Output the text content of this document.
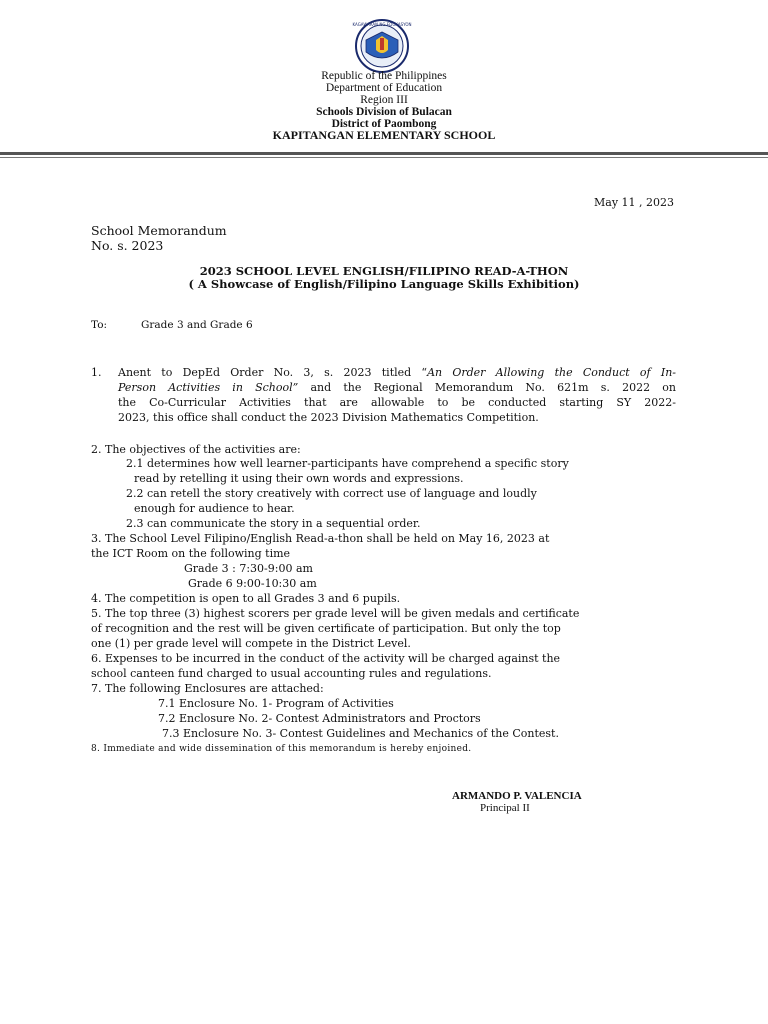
KAGAWARAN NG EDUKASYON
Republic of the Philippines
Department of Education
Region III
Schools Division of Bulacan
District of Paombong
KAPITANGAN ELEMENTARY SCHOOL
May 11 , 2023
School Memorandum
No. s. 2023
2023 SCHOOL LEVEL ENGLISH/FILIPINO READ-A-THON
( A Showcase of English/Filipino Language Skills Exhibition)
To:	Grade 3 and Grade 6
1. Anent to DepEd Order No. 3, s. 2023 titled “An Order Allowing the Conduct of In-
Person Activities in School” and the Regional Memorandum No. 621m s. 2022 on
the Co-Curricular Activities that are allowable to be conducted starting SY 2022-
2023, this office shall conduct the 2023 Division Mathematics Competition.
2. The objectives of the activities are:
2.1 determines how well learner-participants have comprehend a specific story
read by retelling it using their own words and expressions.
2.2 can retell the story creatively with correct use of language and loudly
enough for audience to hear.
2.3 can communicate the story in a sequential order.
3. The School Level Filipino/English Read-a-thon shall be held on May 16, 2023 at
the ICT Room on the following time
Grade 3 : 7:30-9:00 am
Grade 6 9:00-10:30 am
4. The competition is open to all Grades 3 and 6 pupils.
5. The top three (3) highest scorers per grade level will be given medals and certificate
of recognition and the rest will be given certificate of participation. But only the top
one (1) per grade level will compete in the District Level.
6. Expenses to be incurred in the conduct of the activity will be charged against the
school canteen fund charged to usual accounting rules and regulations.
7. The following Enclosures are attached:
7.1 Enclosure No. 1- Program of Activities
7.2 Enclosure No. 2- Contest Administrators and Proctors
7.3 Enclosure No. 3- Contest Guidelines and Mechanics of the Contest.
8. Immediate and wide dissemination of this memorandum is hereby enjoined.
ARMANDO P. VALENCIA
Principal II
